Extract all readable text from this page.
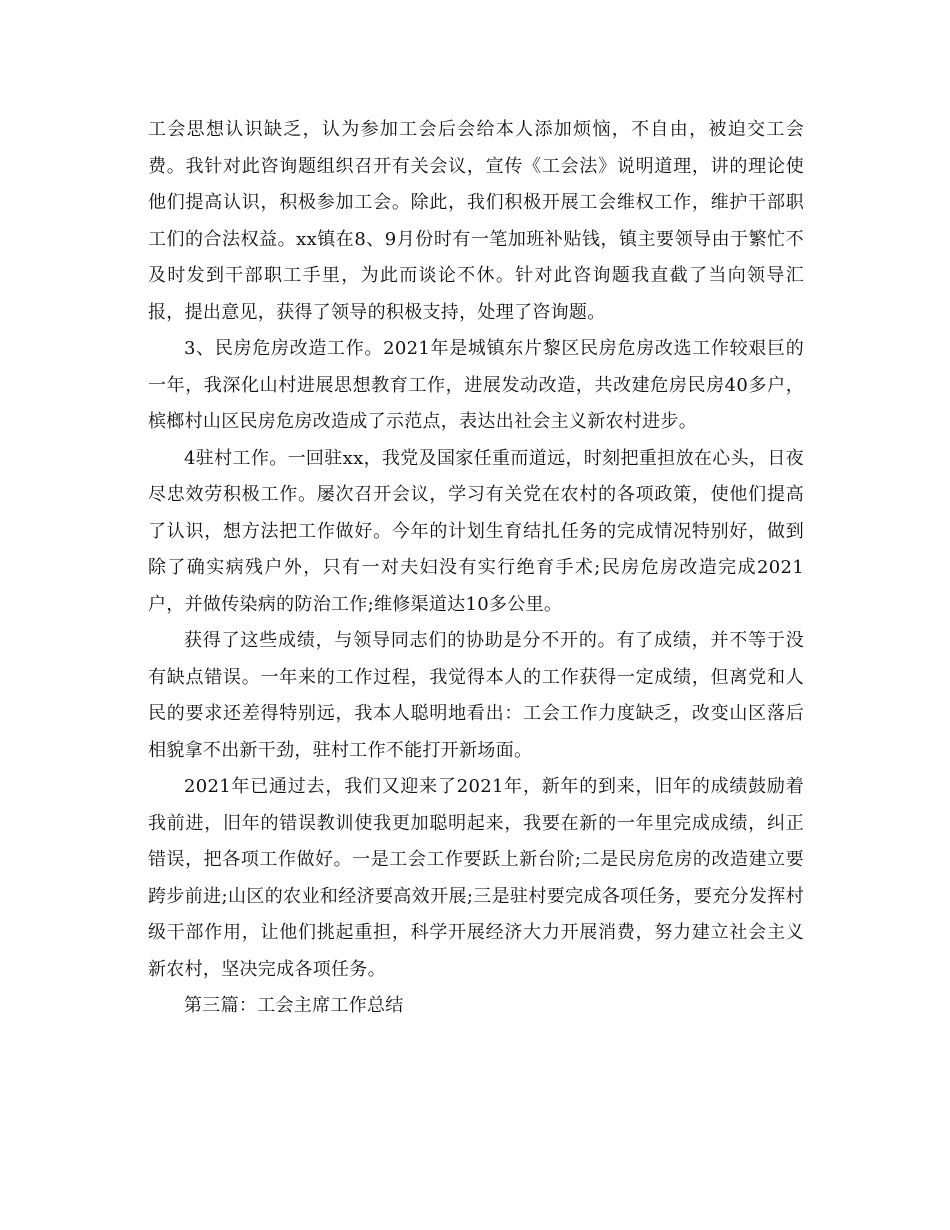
工会思想认识缺乏，认为参加工会后会给本人添加烦恼，不自由，被迫交工会费。我针对此咨询题组织召开有关会议，宣传《工会法》说明道理，讲的理论使他们提高认识，积极参加工会。除此，我们积极开展工会维权工作，维护干部职工们的合法权益。xx镇在8、9月份时有一笔加班补贴钱，镇主要领导由于繁忙不及时发到干部职工手里，为此而谈论不休。针对此咨询题我直截了当向领导汇报，提出意见，获得了领导的积极支持，处理了咨询题。

3、民房危房改造工作。2021年是城镇东片黎区民房危房改选工作较艰巨的一年，我深化山村进展思想教育工作，进展发动改造，共改建危房民房40多户，槟榔村山区民房危房改造成了示范点，表达出社会主义新农村进步。

4驻村工作。一回驻xx，我党及国家任重而道远，时刻把重担放在心头，日夜尽忠效劳积极工作。屡次召开会议，学习有关党在农村的各项政策，使他们提高了认识，想方法把工作做好。今年的计划生育结扎任务的完成情况特别好，做到除了确实病残户外，只有一对夫妇没有实行绝育手术;民房危房改造完成2021户，并做传染病的防治工作;维修渠道达10多公里。

获得了这些成绩，与领导同志们的协助是分不开的。有了成绩，并不等于没有缺点错误。一年来的工作过程，我觉得本人的工作获得一定成绩，但离党和人民的要求还差得特别远，我本人聪明地看出：工会工作力度缺乏，改变山区落后相貌拿不出新干劲，驻村工作不能打开新场面。

2021年已通过去，我们又迎来了2021年，新年的到来，旧年的成绩鼓励着我前进，旧年的错误教训使我更加聪明起来，我要在新的一年里完成成绩，纠正错误，把各项工作做好。一是工会工作要跃上新台阶;二是民房危房的改造建立要跨步前进;山区的农业和经济要高效开展;三是驻村要完成各项任务，要充分发挥村级干部作用，让他们挑起重担，科学开展经济大力开展消费，努力建立社会主义新农村，坚决完成各项任务。

第三篇：工会主席工作总结
